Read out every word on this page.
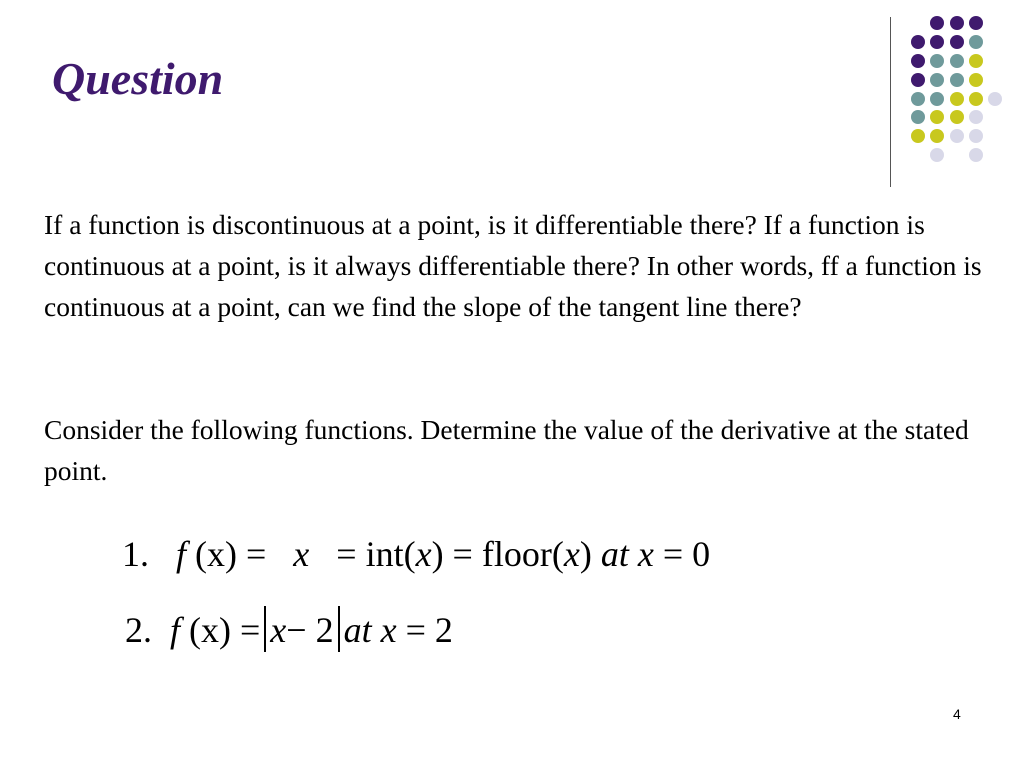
Question

If a function is discontinuous at a point, is it differentiable there? If a function is continuous at a point, is it always differentiable there? In other words, ff a function is continuous at a point, can we find the slope of the tangent line there?

Consider the following functions. Determine the value of the derivative at the stated point.

1. f (x) = x = int(x) = floor(x) at x = 0
2. f (x) = x− 2 at x = 2
4
